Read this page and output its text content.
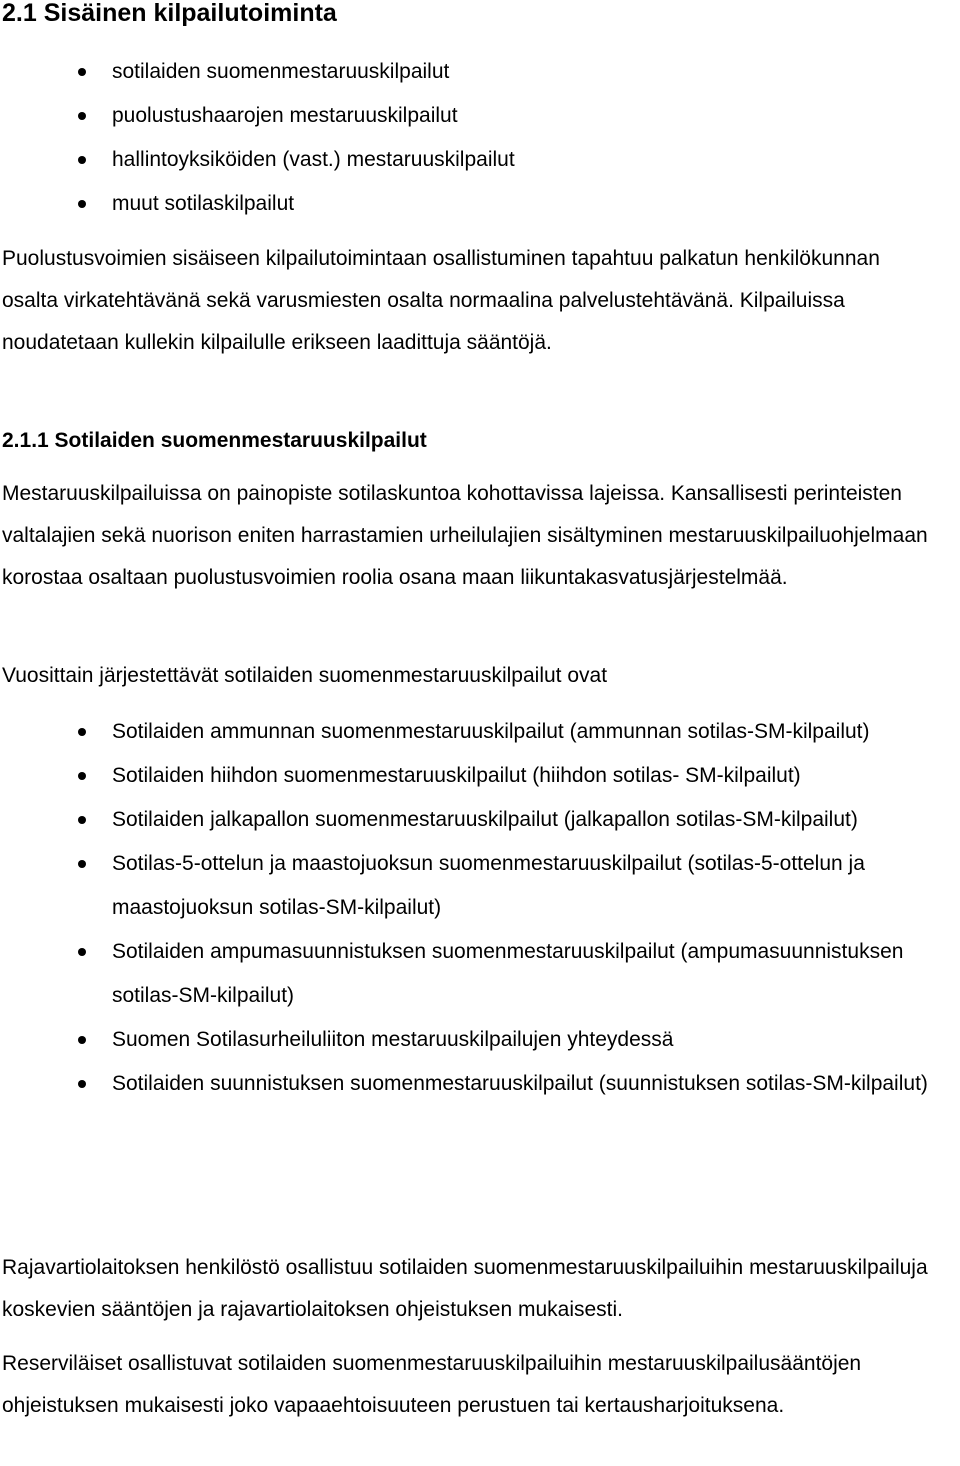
2.1 Sisäinen kilpailutoiminta
sotilaiden suomenmestaruuskilpailut
puolustushaarojen mestaruuskilpailut
hallintoyksiköiden (vast.) mestaruuskilpailut
muut sotilaskilpailut

Puolustusvoimien sisäiseen kilpailutoimintaan osallistuminen tapahtuu palkatun henkilökunnan osalta virkatehtävänä sekä varusmiesten osalta normaalina palvelustehtävänä. Kilpailuissa noudatetaan kullekin kilpailulle erikseen laadittuja sääntöjä.

2.1.1 Sotilaiden suomenmestaruuskilpailut

Mestaruuskilpailuissa on painopiste sotilaskuntoa kohottavissa lajeissa. Kansallisesti perinteisten valtalajien sekä nuorison eniten harrastamien urheilulajien sisältyminen mestaruuskilpailuohjelmaan korostaa osaltaan puolustusvoimien roolia osana maan liikuntakasvatusjärjestelmää.

Vuosittain järjestettävät sotilaiden suomenmestaruuskilpailut ovat

Sotilaiden ammunnan suomenmestaruuskilpailut (ammunnan sotilas-SM-kilpailut)
Sotilaiden hiihdon suomenmestaruuskilpailut (hiihdon sotilas- SM-kilpailut)
Sotilaiden jalkapallon suomenmestaruuskilpailut (jalkapallon sotilas-SM-kilpailut)
Sotilas-5-ottelun ja maastojuoksun suomenmestaruuskilpailut (sotilas-5-ottelun ja maastojuoksun sotilas-SM-kilpailut)
Sotilaiden ampumasuunnistuksen suomenmestaruuskilpailut (ampumasuunnistuksen sotilas-SM-kilpailut)
Suomen Sotilasurheiluliiton mestaruuskilpailujen yhteydessä
Sotilaiden suunnistuksen suomenmestaruuskilpailut (suunnistuksen sotilas-SM-kilpailut)

Rajavartiolaitoksen henkilöstö osallistuu sotilaiden suomenmestaruuskilpailuihin mestaruuskilpailuja koskevien sääntöjen ja rajavartiolaitoksen ohjeistuksen mukaisesti.

Reserviläiset osallistuvat sotilaiden suomenmestaruuskilpailuihin mestaruuskilpailusääntöjen ohjeistuksen mukaisesti joko vapaaehtoisuuteen perustuen tai kertausharjoituksena.
